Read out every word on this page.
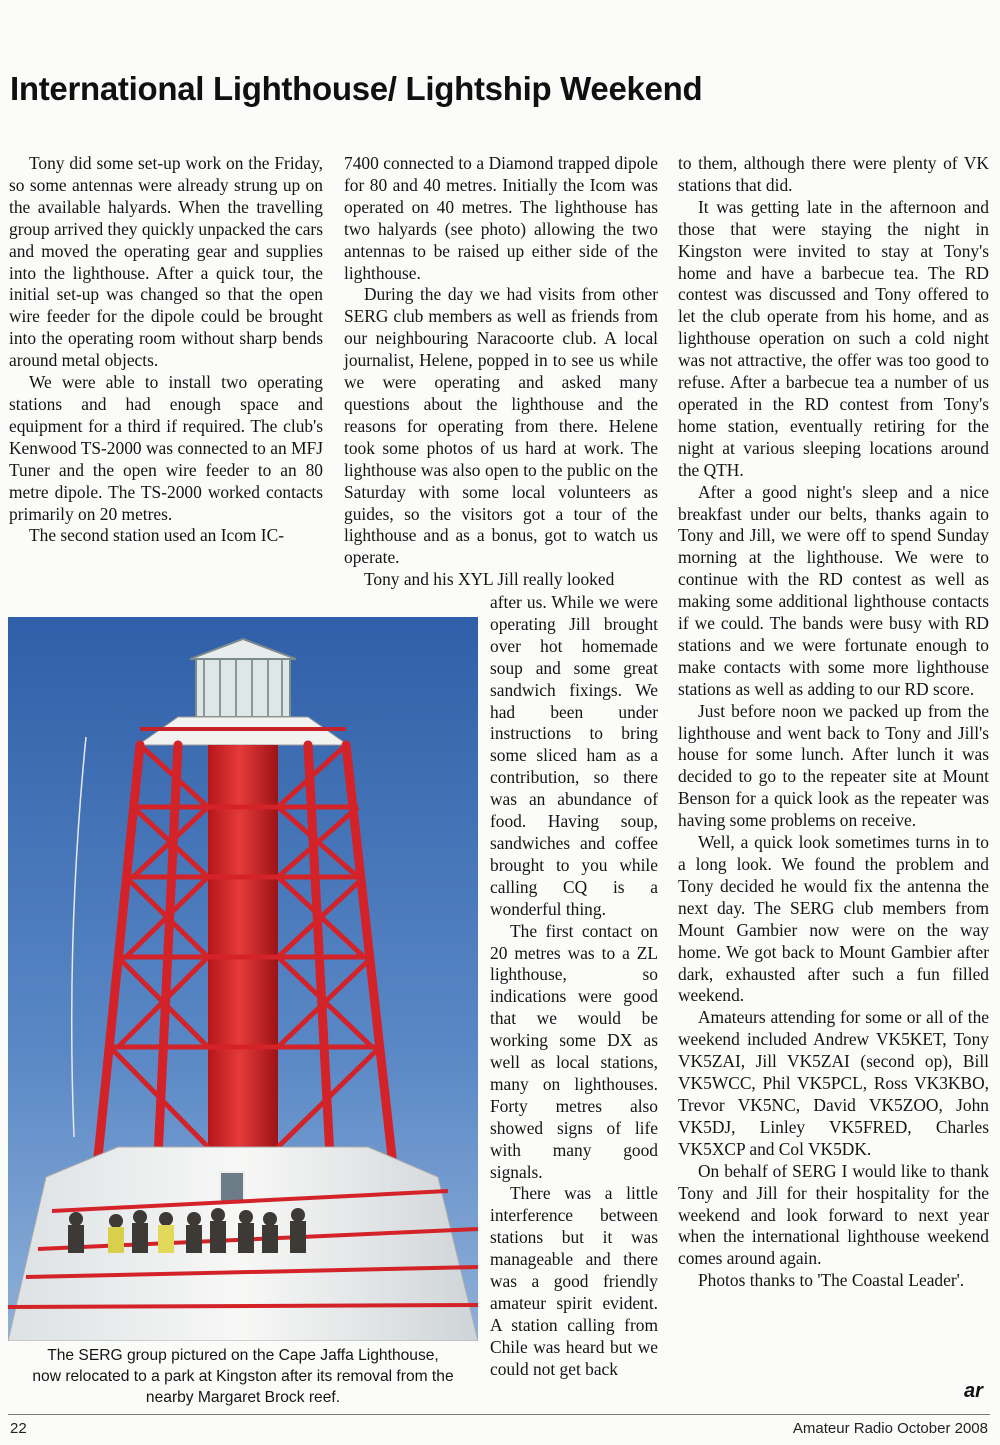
International Lighthouse/ Lightship Weekend

Tony did some set-up work on the Friday, so some antennas were already strung up on the available halyards. When the travelling group arrived they quickly unpacked the cars and moved the operating gear and supplies into the lighthouse. After a quick tour, the initial set-up was changed so that the open wire feeder for the dipole could be brought into the operating room without sharp bends around metal objects.

We were able to install two operating stations and had enough space and equipment for a third if required. The club's Kenwood TS-2000 was connected to an MFJ Tuner and the open wire feeder to an 80 metre dipole. The TS-2000 worked contacts primarily on 20 metres.

The second station used an Icom IC-

7400 connected to a Diamond trapped dipole for 80 and 40 metres. Initially the Icom was operated on 40 metres. The lighthouse has two halyards (see photo) allowing the two antennas to be raised up either side of the lighthouse.

During the day we had visits from other SERG club members as well as friends from our neighbouring Naracoorte club. A local journalist, Helene, popped in to see us while we were operating and asked many questions about the lighthouse and the reasons for operating from there. Helene took some photos of us hard at work. The lighthouse was also open to the public on the Saturday with some local volunteers as guides, so the visitors got a tour of the lighthouse and as a bonus, got to watch us operate.

Tony and his XYL Jill really looked

after us. While we were operating Jill brought over hot homemade soup and some great sandwich fixings. We had been under instructions to bring some sliced ham as a contribution, so there was an abundance of food. Having soup, sandwiches and coffee brought to you while calling CQ is a wonderful thing.

The first contact on 20 metres was to a ZL lighthouse, so indications were good that we would be working some DX as well as local stations, many on lighthouses. Forty metres also showed signs of life with many good signals.

There was a little interference between stations but it was manageable and there was a good friendly amateur spirit evident. A station calling from Chile was heard but we could not get back

to them, although there were plenty of VK stations that did.

It was getting late in the afternoon and those that were staying the night in Kingston were invited to stay at Tony's home and have a barbecue tea. The RD contest was discussed and Tony offered to let the club operate from his home, and as lighthouse operation on such a cold night was not attractive, the offer was too good to refuse. After a barbecue tea a number of us operated in the RD contest from Tony's home station, eventually retiring for the night at various sleeping locations around the QTH.

After a good night's sleep and a nice breakfast under our belts, thanks again to Tony and Jill, we were off to spend Sunday morning at the lighthouse. We were to continue with the RD contest as well as making some additional lighthouse contacts if we could. The bands were busy with RD stations and we were fortunate enough to make contacts with some more lighthouse stations as well as adding to our RD score.

Just before noon we packed up from the lighthouse and went back to Tony and Jill's house for some lunch. After lunch it was decided to go to the repeater site at Mount Benson for a quick look as the repeater was having some problems on receive.

Well, a quick look sometimes turns in to a long look. We found the problem and Tony decided he would fix the antenna the next day. The SERG club members from Mount Gambier now were on the way home. We got back to Mount Gambier after dark, exhausted after such a fun filled weekend.

Amateurs attending for some or all of the weekend included Andrew VK5KET, Tony VK5ZAI, Jill VK5ZAI (second op), Bill VK5WCC, Phil VK5PCL, Ross VK3KBO, Trevor VK5NC, David VK5ZOO, John VK5DJ, Linley VK5FRED, Charles VK5XCP and Col VK5DK.

On behalf of SERG I would like to thank Tony and Jill for their hospitality for the weekend and look forward to next year when the international lighthouse weekend comes around again.

Photos thanks to 'The Coastal Leader'.

The SERG group pictured on the Cape Jaffa Lighthouse,
now relocated to a park at Kingston after its removal from the
nearby Margaret Brock reef.	ar
22	Amateur Radio October 2008
